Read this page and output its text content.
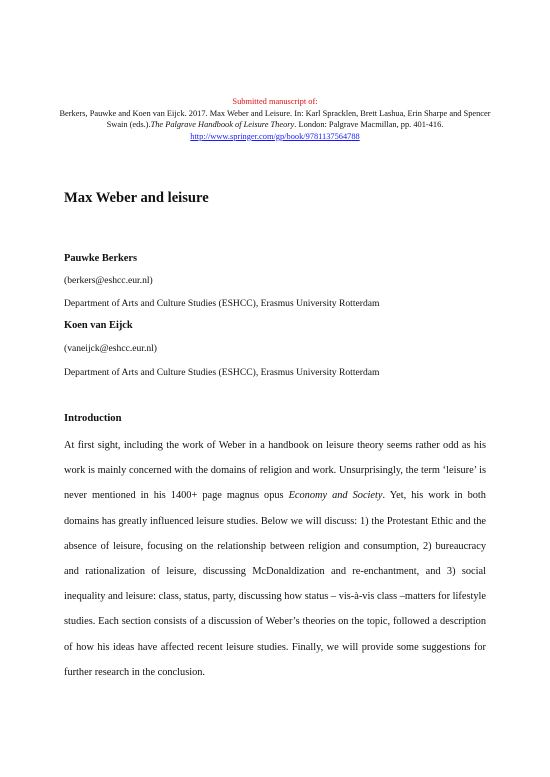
Submitted manuscript of:
Berkers, Pauwke and Koen van Eijck. 2017. Max Weber and Leisure. In: Karl Spracklen, Brett Lashua, Erin Sharpe and Spencer Swain (eds.).The Palgrave Handbook of Leisure Theory. London: Palgrave Macmillan, pp. 401-416.
http://www.springer.com/gp/book/9781137564788
Max Weber and leisure
Pauwke Berkers
(berkers@eshcc.eur.nl)
Department of Arts and Culture Studies (ESHCC), Erasmus University Rotterdam
Koen van Eijck
(vaneijck@eshcc.eur.nl)
Department of Arts and Culture Studies (ESHCC), Erasmus University Rotterdam
Introduction

At first sight, including the work of Weber in a handbook on leisure theory seems rather odd as his work is mainly concerned with the domains of religion and work. Unsurprisingly, the term ‘leisure’ is never mentioned in his 1400+ page magnus opus Economy and Society. Yet, his work in both domains has greatly influenced leisure studies. Below we will discuss: 1) the Protestant Ethic and the absence of leisure, focusing on the relationship between religion and consumption, 2) bureaucracy and rationalization of leisure, discussing McDonaldization and re-enchantment, and 3) social inequality and leisure: class, status, party, discussing how status – vis-à-vis class –matters for lifestyle studies. Each section consists of a discussion of Weber’s theories on the topic, followed a description of how his ideas have affected recent leisure studies. Finally, we will provide some suggestions for further research in the conclusion.
